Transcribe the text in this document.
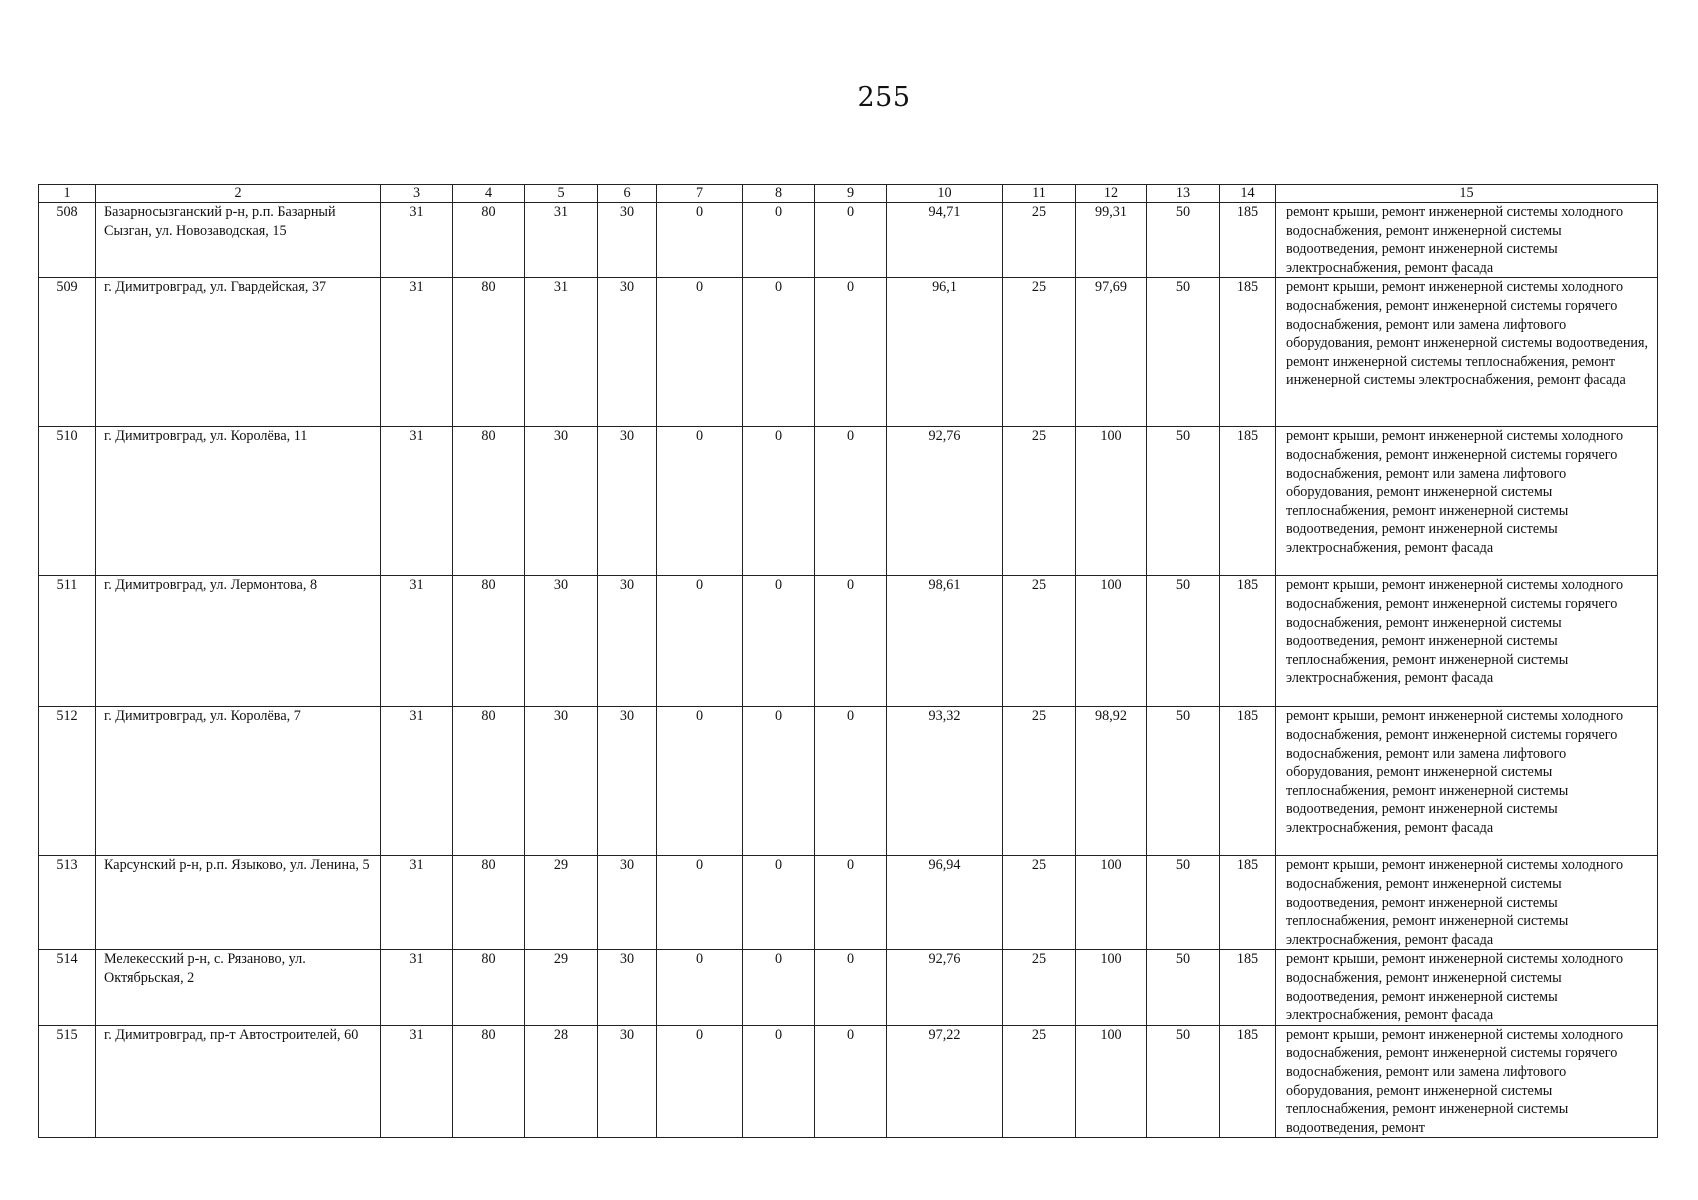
255
1	2	3	4	5	6	7	8	9	10	11	12	13	14	15
508	Базарносызганский р-н, р.п. Базарный Сызган, ул. Новозаводская, 15	31	80	31	30	0	0	0	94,71	25	99,31	50	185	ремонт крыши, ремонт инженерной системы холодного водоснабжения, ремонт инженерной системы водоотведения, ремонт инженерной системы электроснабжения, ремонт фасада
509	г. Димитровград, ул. Гвардейская, 37	31	80	31	30	0	0	0	96,1	25	97,69	50	185	ремонт крыши, ремонт инженерной системы холодного водоснабжения, ремонт инженерной системы горячего водоснабжения, ремонт или замена лифтового оборудования, ремонт инженерной системы водоотведения, ремонт инженерной системы теплоснабжения, ремонт инженерной системы электроснабжения, ремонт фасада
510	г. Димитровград, ул. Королёва, 11	31	80	30	30	0	0	0	92,76	25	100	50	185	ремонт крыши, ремонт инженерной системы холодного водоснабжения, ремонт инженерной системы горячего водоснабжения, ремонт или замена лифтового оборудования, ремонт инженерной системы теплоснабжения, ремонт инженерной системы водоотведения, ремонт инженерной системы электроснабжения, ремонт фасада
511	г. Димитровград, ул. Лермонтова, 8	31	80	30	30	0	0	0	98,61	25	100	50	185	ремонт крыши, ремонт инженерной системы холодного водоснабжения, ремонт инженерной системы горячего водоснабжения, ремонт инженерной системы водоотведения, ремонт инженерной системы теплоснабжения, ремонт инженерной системы электроснабжения, ремонт фасада
512	г. Димитровград, ул. Королёва, 7	31	80	30	30	0	0	0	93,32	25	98,92	50	185	ремонт крыши, ремонт инженерной системы холодного водоснабжения, ремонт инженерной системы горячего водоснабжения, ремонт или замена лифтового оборудования, ремонт инженерной системы теплоснабжения, ремонт инженерной системы водоотведения, ремонт инженерной системы электроснабжения, ремонт фасада
513	Карсунский р-н, р.п. Языково, ул. Ленина, 5	31	80	29	30	0	0	0	96,94	25	100	50	185	ремонт крыши, ремонт инженерной системы холодного водоснабжения, ремонт инженерной системы водоотведения, ремонт инженерной системы теплоснабжения, ремонт инженерной системы электроснабжения, ремонт фасада
514	Мелекесский р-н, с. Рязаново, ул. Октябрьская, 2	31	80	29	30	0	0	0	92,76	25	100	50	185	ремонт крыши, ремонт инженерной системы холодного водоснабжения, ремонт инженерной системы водоотведения, ремонт инженерной системы электроснабжения, ремонт фасада
515	г. Димитровград, пр-т Автостроителей, 60	31	80	28	30	0	0	0	97,22	25	100	50	185	ремонт крыши, ремонт инженерной системы холодного водоснабжения, ремонт инженерной системы горячего водоснабжения, ремонт или замена лифтового оборудования, ремонт инженерной системы теплоснабжения, ремонт инженерной системы водоотведения, ремонт
